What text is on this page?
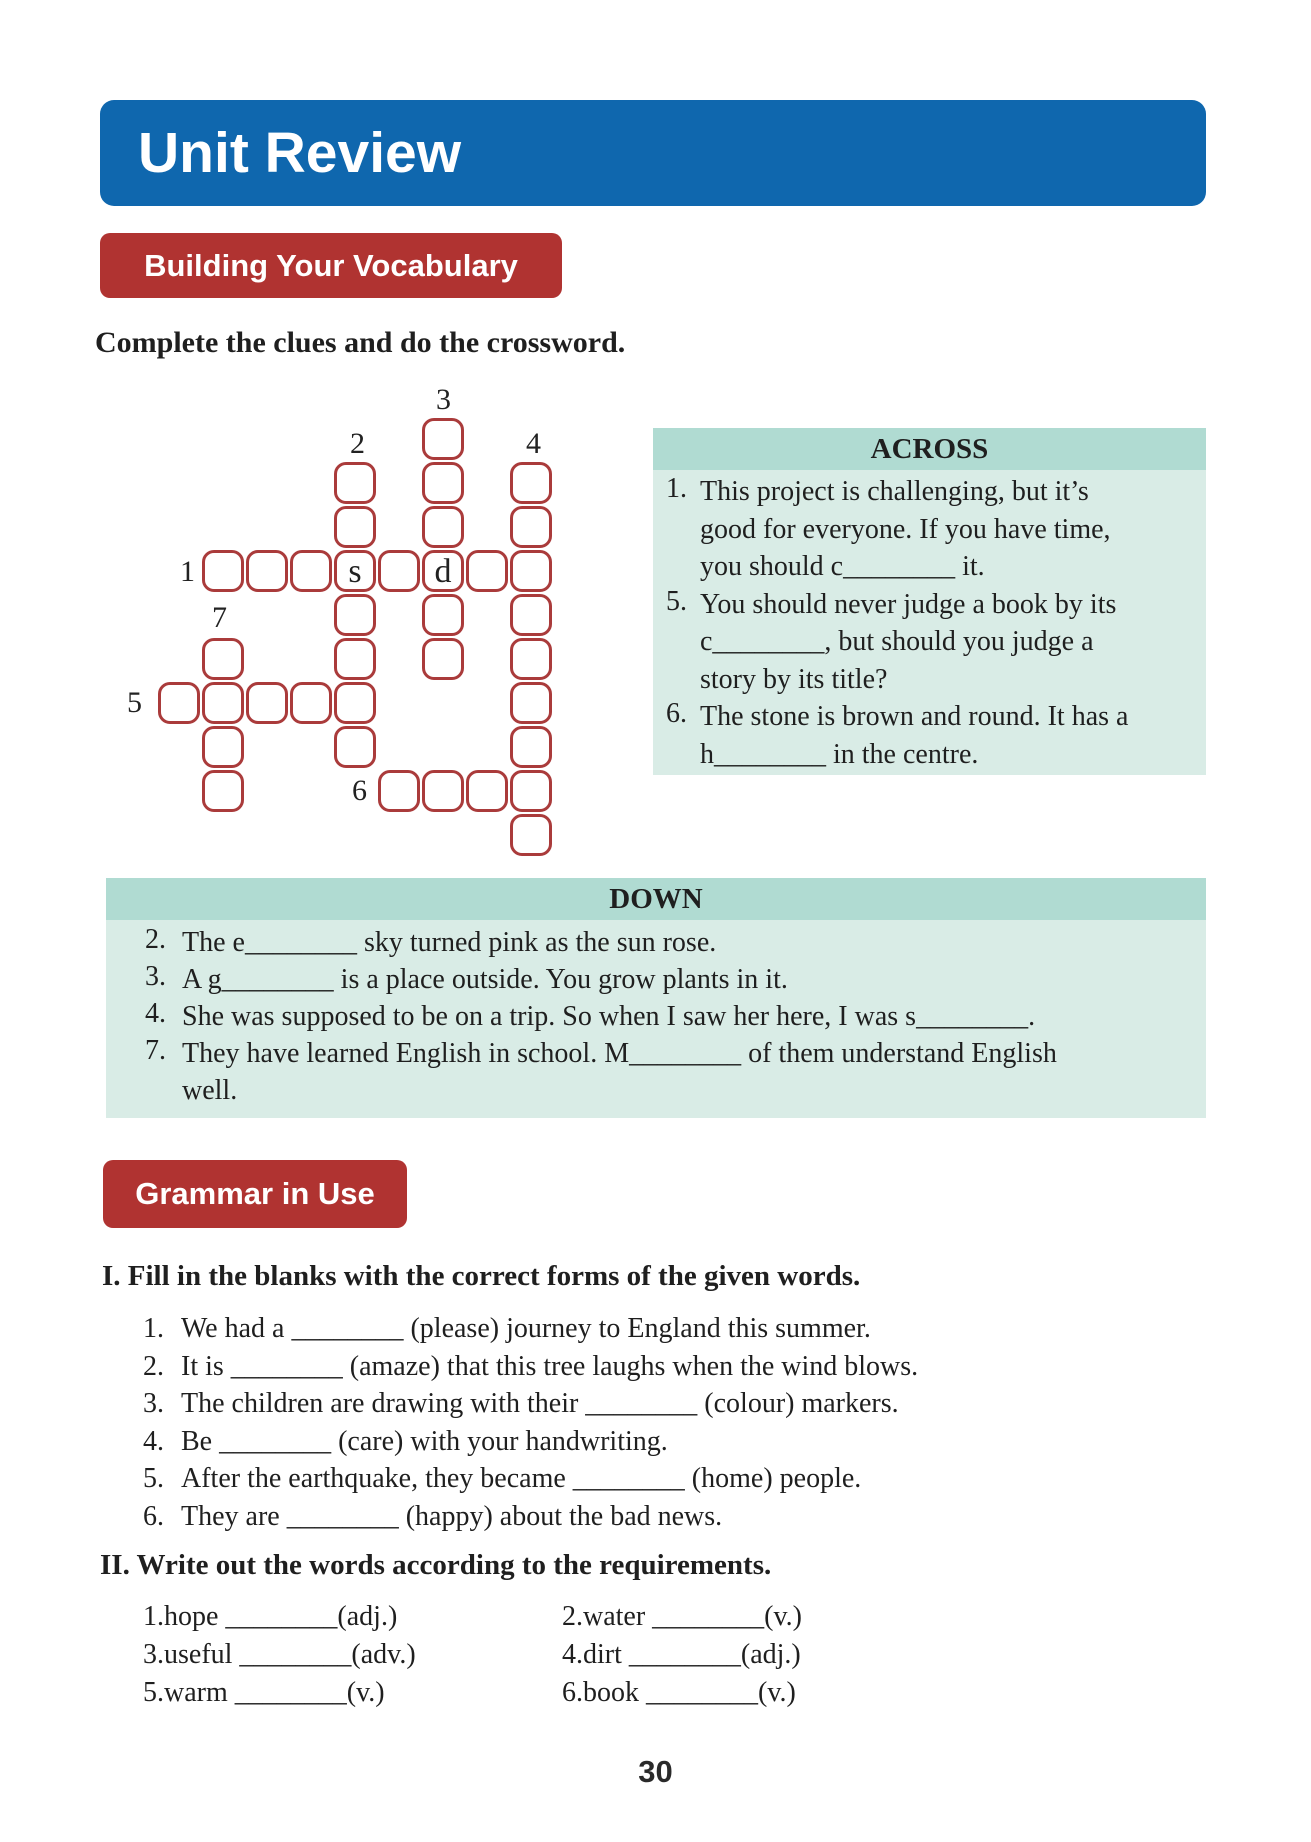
Unit Review
Building Your Vocabulary
Complete the clues and do the crossword.
s	d
1
2
3
4
5
6
7
ACROSS
1. This project is challenging, but it’s
good for everyone. If you have time,
you should c________ it.
5. You should never judge a book by its
c________, but should you judge a
story by its title?
6. The stone is brown and round. It has a
h________ in the centre.
DOWN
2. The e________ sky turned pink as the sun rose.
3. A g________ is a place outside. You grow plants in it.
4. She was supposed to be on a trip. So when I saw her here, I was s________.
7. They have learned English in school. M________ of them understand English
well.
Grammar in Use
I. Fill in the blanks with the correct forms of the given words.
1. We had a ________ (please) journey to England this summer.
2. It is ________ (amaze) that this tree laughs when the wind blows.
3. The children are drawing with their ________ (colour) markers.
4. Be ________ (care) with your handwriting.
5. After the earthquake, they became ________ (home) people.
6. They are ________ (happy) about the bad news.
II. Write out the words according to the requirements.
1. hope ________(adj.)	2. water ________(v.)
3. useful ________(adv.)	4. dirt ________(adj.)
5. warm ________(v.)	6. book ________(v.)
30
